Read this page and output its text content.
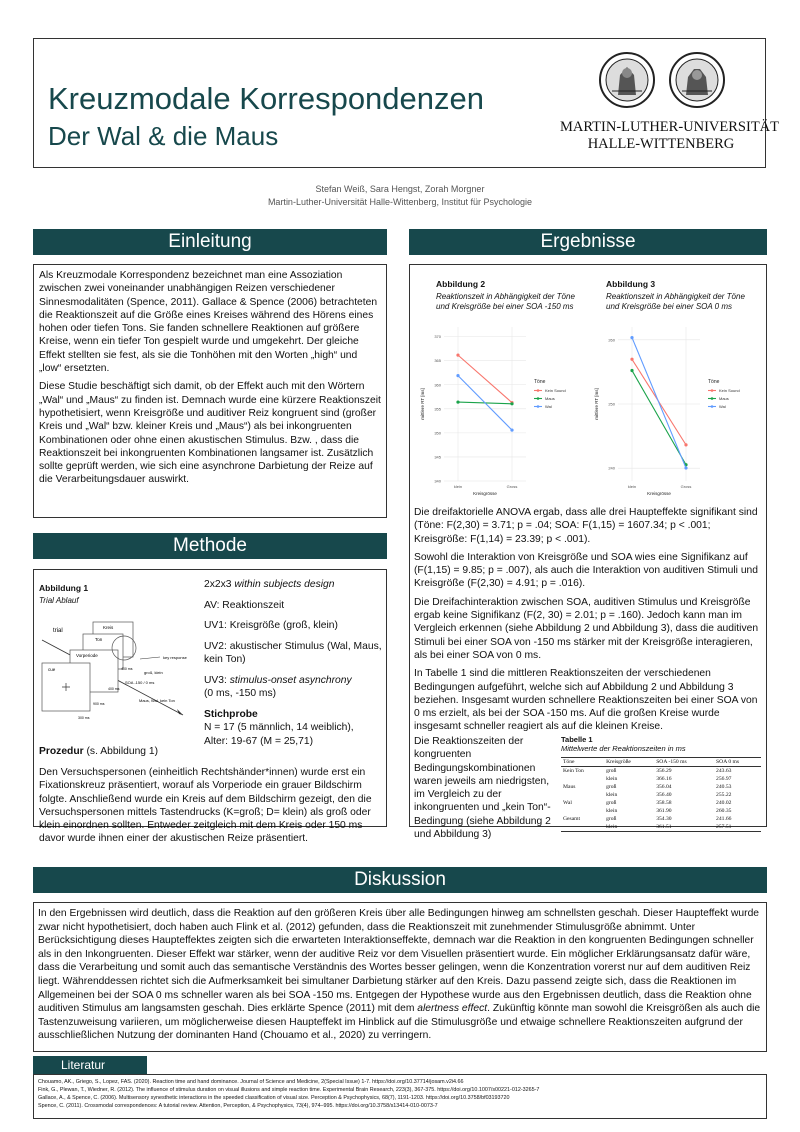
Kreuzmodale Korrespondenzen
Der Wal & die Maus	MARTIN-LUTHER-UNIVERSITÄT
HALLE-WITTENBERG
Stefan Weiß, Sara Hengst, Zorah Morgner
Martin-Luther-Universität Halle-Wittenberg, Institut für Psychologie
Einleitung

Als Kreuzmodale Korrespondenz bezeichnet man eine Assoziation zwischen zwei voneinander unabhängigen Reizen verschiedener Sinnesmodalitäten (Spence, 2011). Gallace & Spence (2006) betrachteten die Reaktionszeit auf die Größe eines Kreises während des Hörens eines hohen oder tiefen Tons. Sie fanden schnellere Reaktionen auf größere Kreise, wenn ein tiefer Ton gespielt wurde und umgekehrt. Der gleiche Effekt stellten sie fest, als sie die Tonhöhen mit den Worten „high“ und „low“ ersetzten.

Diese Studie beschäftigt sich damit, ob der Effekt auch mit den Wörtern „Wal“ und „Maus“ zu finden ist. Demnach wurde eine kürzere Reaktionszeit hypothetisiert, wenn Kreisgröße und auditiver Reiz kongruent sind (großer Kreis und „Wal“ bzw. kleiner Kreis und „Maus“) als bei inkongruenten Kombinationen oder ohne einen akustischen Stimulus. Bzw. , dass die Reaktionszeit bei inkongruenten Kombinationen langsamer ist. Zusätzlich sollte geprüft werden, wie sich eine asynchrone Darbietung der Reize auf die Verarbeitungsdauer auswirkt.

Methode
Abbildung 1
Trial Ablauf
trial
Kreis
Ton
Vorperiode
cue
key response
groß, klein
SOA -150 / 0 ms
Maus, Wal, kein Ton
400 ms
400 ms
900 ms
300 ms
Prozedur (s. Abbildung 1)

Den Versuchspersonen (einheitlich Rechtshänder*innen) wurde erst ein Fixationskreuz präsentiert, worauf als Vorperiode ein grauer Bildschirm folgte. Anschließend wurde ein Kreis auf dem Bildschirm gezeigt, den die Versuchspersonen mittels Tastendrucks (K=groß; D= klein) als groß oder klein einordnen sollten. Entweder zeitgleich mit dem Kreis oder 150 ms davor wurde ihnen einer der akustischen Reize präsentiert.

2x2x3 within subjects design
AV: Reaktionszeit
UV1: Kreisgröße (groß, klein)
UV2: akustischer Stimulus (Wal, Maus, kein Ton)
UV3: stimulus-onset asynchrony
(0 ms, -150 ms)
Stichprobe
N = 17 (5 männlich, 14 weiblich),
Alter: 19-67 (M = 25,71)
Ergebnisse
Abbildung 2
Reaktionszeit in Abhängigkeit der Töne und Kreisgröße bei einer SOA -150 ms
Abbildung 3
Reaktionszeit in Abhängigkeit der Töne und Kreisgröße bei einer SOA 0 ms
340
345
350
355
360
365
370
klein	Gross
Kreisgrösse
mittlere RT [ms]
Töne
Kein Sound
Maus
Wal
240
250
260
klein	Gross
Kreisgrösse
mittlere RT [ms]
Töne
Kein Sound
Maus
Wal

Die dreifaktorielle ANOVA ergab, dass alle drei Haupteffekte signifikant sind (Töne: F(2,30) = 3.71; p = .04; SOA: F(1,15) = 1607.34; p < .001; Kreisgröße: F(1,14) = 23.39; p < .001).

Sowohl die Interaktion von Kreisgröße und SOA wies eine Signifikanz auf (F(1,15) = 9.85; p = .007), als auch die Interaktion von auditiven Stimuli und Kreisgröße (F(2,30) = 4.91; p = .016).

Die Dreifachinteraktion zwischen SOA, auditiven Stimulus und Kreisgröße ergab keine Signifikanz (F(2, 30) = 2.01; p = .160). Jedoch kann man im Vergleich erkennen (siehe Abbildung 2 und Abbildung 3), dass die auditiven Stimuli bei einer SOA von -150 ms stärker mit der Kreisgröße interagieren, als bei einer SOA von 0 ms.

In Tabelle 1 sind die mittleren Reaktionszeiten der verschiedenen Bedingungen aufgeführt, welche sich auf Abbildung 2 und Abbildung 3 beziehen. Insgesamt wurden schnellere Reaktionszeiten bei einer SOA von 0 ms erzielt, als bei der SOA -150 ms. Auf die großen Kreise wurde insgesamt schneller reagiert als auf die kleinen Kreise.

Die Reaktionszeiten der kongruenten Bedingungskombinationen waren jeweils am niedrigsten, im Vergleich zu der inkongruenten und „kein Ton“- Bedingung (siehe Abbildung 2 und Abbildung 3)

Tabelle 1
Mittelwerte der Reaktionszeiten in ms
Töne	Kreisgröße	SOA -150 ms	SOA 0 ms
Kein Ton	groß	356.29	243.63
	klein	366.16	256.97
Maus	groß	356.04	240.53
	klein	356.40	255.22
Wal	groß	358.58	240.02
	klein	361.90	260.35
Gesamt	groß	354.30	241.66
	klein	361.51	257.51
Diskussion

In den Ergebnissen wird deutlich, dass die Reaktion auf den größeren Kreis über alle Bedingungen hinweg am schnellsten geschah. Dieser Haupteffekt wurde zwar nicht hypothetisiert, doch haben auch Flink et al. (2012) gefunden, dass die Reaktionszeit mit zunehmender Stimulusgröße abnimmt. Unter Berücksichtigung dieses Haupteffektes zeigten sich die erwarteten Interaktionseffekte, demnach war die Reaktion in den kongruenten Bedingungen schneller als in den Inkongruenten. Dieser Effekt war stärker, wenn der auditive Reiz vor dem Visuellen präsentiert wurde. Ein möglicher Erklärungsansatz dafür wäre, dass die Verarbeitung und somit auch das semantische Verständnis des Wortes besser gelingen, wenn die Konzentration vorerst nur auf dem auditiven Reiz liegt. Währenddessen richtet sich die Aufmerksamkeit bei simultaner Darbietung stärker auf den Kreis. Dazu passend zeigte sich, dass die Reaktionen im Allgemeinen bei der SOA 0 ms schneller waren als bei SOA -150 ms. Entgegen der Hypothese wurde aus den Ergebnissen deutlich, dass die Reaktion ohne auditiven Stimulus am langsamsten geschah. Dies erklärte Spence (2011) mit dem alertness effect. Zukünftig könnte man sowohl die Kreisgrößen als auch die Tastenzuweisung variieren, um möglicherweise diesen Haupteffekt im Hinblick auf die Stimulusgröße und etwaige schnellere Reaktionszeiten aufgrund der ausschließlichen Nutzung der dominanten Hand (Chouamo et al., 2020) zu verringern.

Literatur
Chouamo, AK., Griego, S., Lopez, FAS. (2020). Reaction time and hand dominance. Journal of Science and Medicine, 2(Special Issue) 1-7. https://doi.org/10.37714/josam.v2i4.66
Fink, G., Plewan, T., Wiedner, R. (2012). The influence of stimulus duration on visual illusions and simple reaction time. Experimental Brain Research, 223(3), 367-375. https://doi.org/10.1007/s00221-012-3265-7
Gallace, A., & Spence, C. (2006). Multisensory synesthetic interactions in the speeded classification of visual size. Perception & Psychophysics, 68(7), 1191-1203. https://doi.org/10.3758/bf03193720
Spence, C. (2011). Crossmodal correspondences: A tutorial review. Attention, Perception, & Psychophysics, 73(4), 974–995. https://doi.org/10.3758/s13414-010-0073-7
